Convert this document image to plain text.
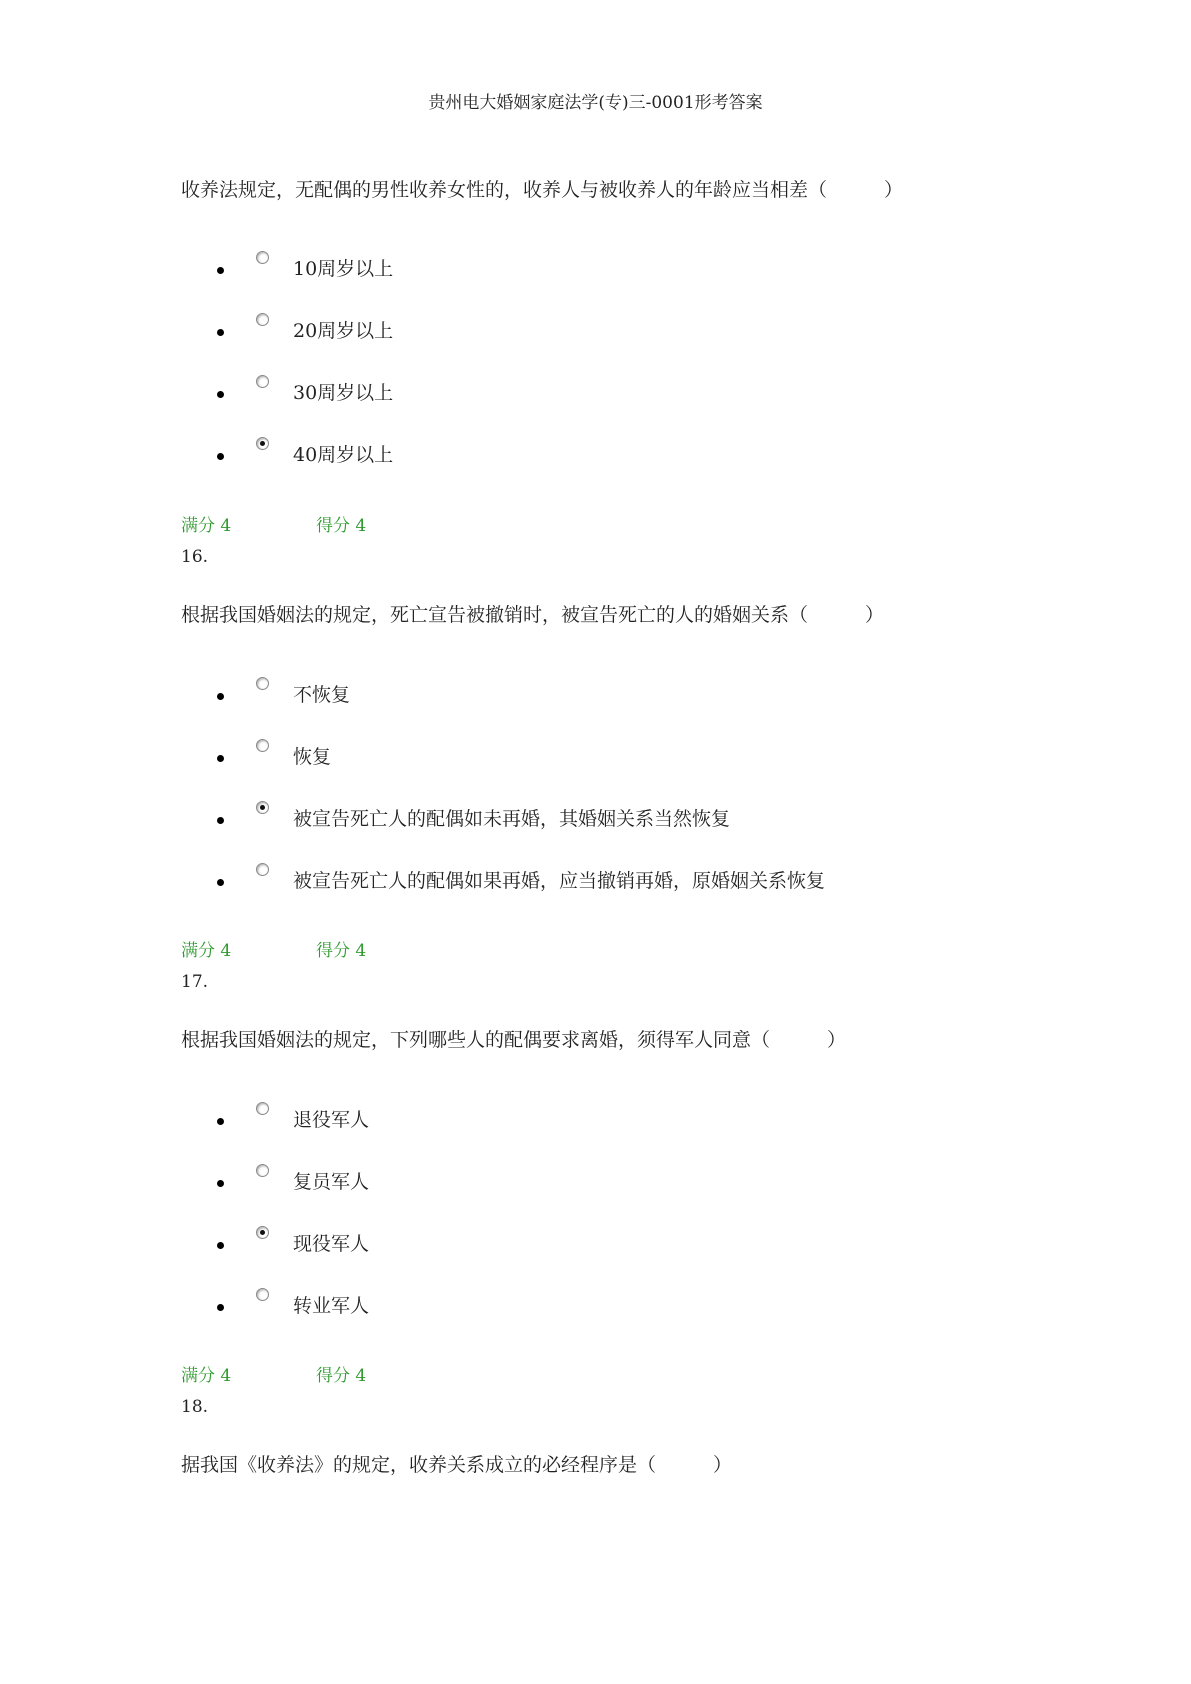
贵州电大婚姻家庭法学(专)三-0001形考答案
收养法规定，无配偶的男性收养女性的，收养人与被收养人的年龄应当相差（　　　）
10周岁以上
20周岁以上
30周岁以上
40周岁以上
满分 4	得分 4
16.
根据我国婚姻法的规定，死亡宣告被撤销时，被宣告死亡的人的婚姻关系（　　　）
不恢复
恢复
被宣告死亡人的配偶如未再婚，其婚姻关系当然恢复
被宣告死亡人的配偶如果再婚，应当撤销再婚，原婚姻关系恢复
满分 4	得分 4
17.
根据我国婚姻法的规定，下列哪些人的配偶要求离婚，须得军人同意（　　　）
退役军人
复员军人
现役军人
转业军人
满分 4	得分 4
18.
据我国《收养法》的规定，收养关系成立的必经程序是（　　　）
